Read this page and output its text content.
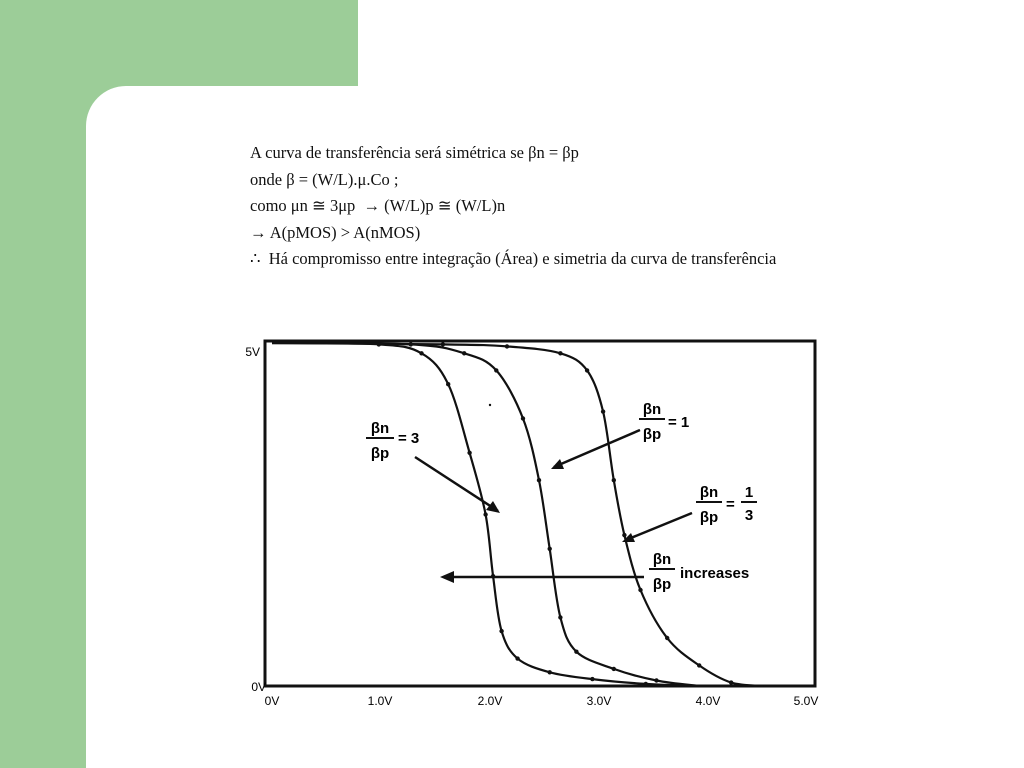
A curva de transferência será simétrica se βn = βp
onde β = (W/L).μ.Co ;
como μn ≅ 3μp  → (W/L)p ≅ (W/L)n
→ A(pMOS) > A(nMOS)
∴  Há compromisso entre integração (Área) e simetria da curva de transferência
5V
0V
0V	1.0V	2.0V	3.0V	4.0V	5.0V
βn
βp
= 3
βn
βp
= 1
βn
βp
=
1
3
βn
βp
increases
